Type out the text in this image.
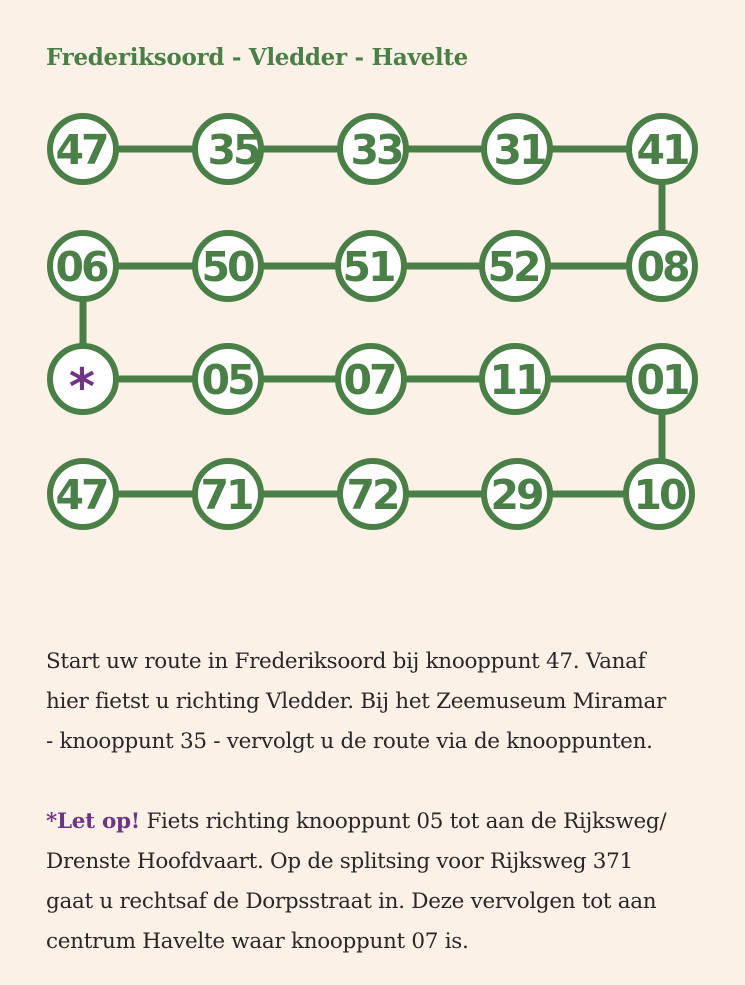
Frederiksoord - Vledder - Havelte
47 35 33 31 41
06 50 51 52 08
*	05 07 11 01
47 71 72 29 10

Start uw route in Frederiksoord bij knooppunt 47. Vanaf
hier fietst u richting Vledder. Bij het Zeemuseum Miramar
- knooppunt 35 - vervolgt u de route via de knooppunten.

*Let op! Fiets richting knooppunt 05 tot aan de Rijksweg/
Drenste Hoofdvaart. Op de splitsing voor Rijksweg 371
gaat u rechtsaf de Dorpsstraat in. Deze vervolgen tot aan
centrum Havelte waar knooppunt 07 is.
